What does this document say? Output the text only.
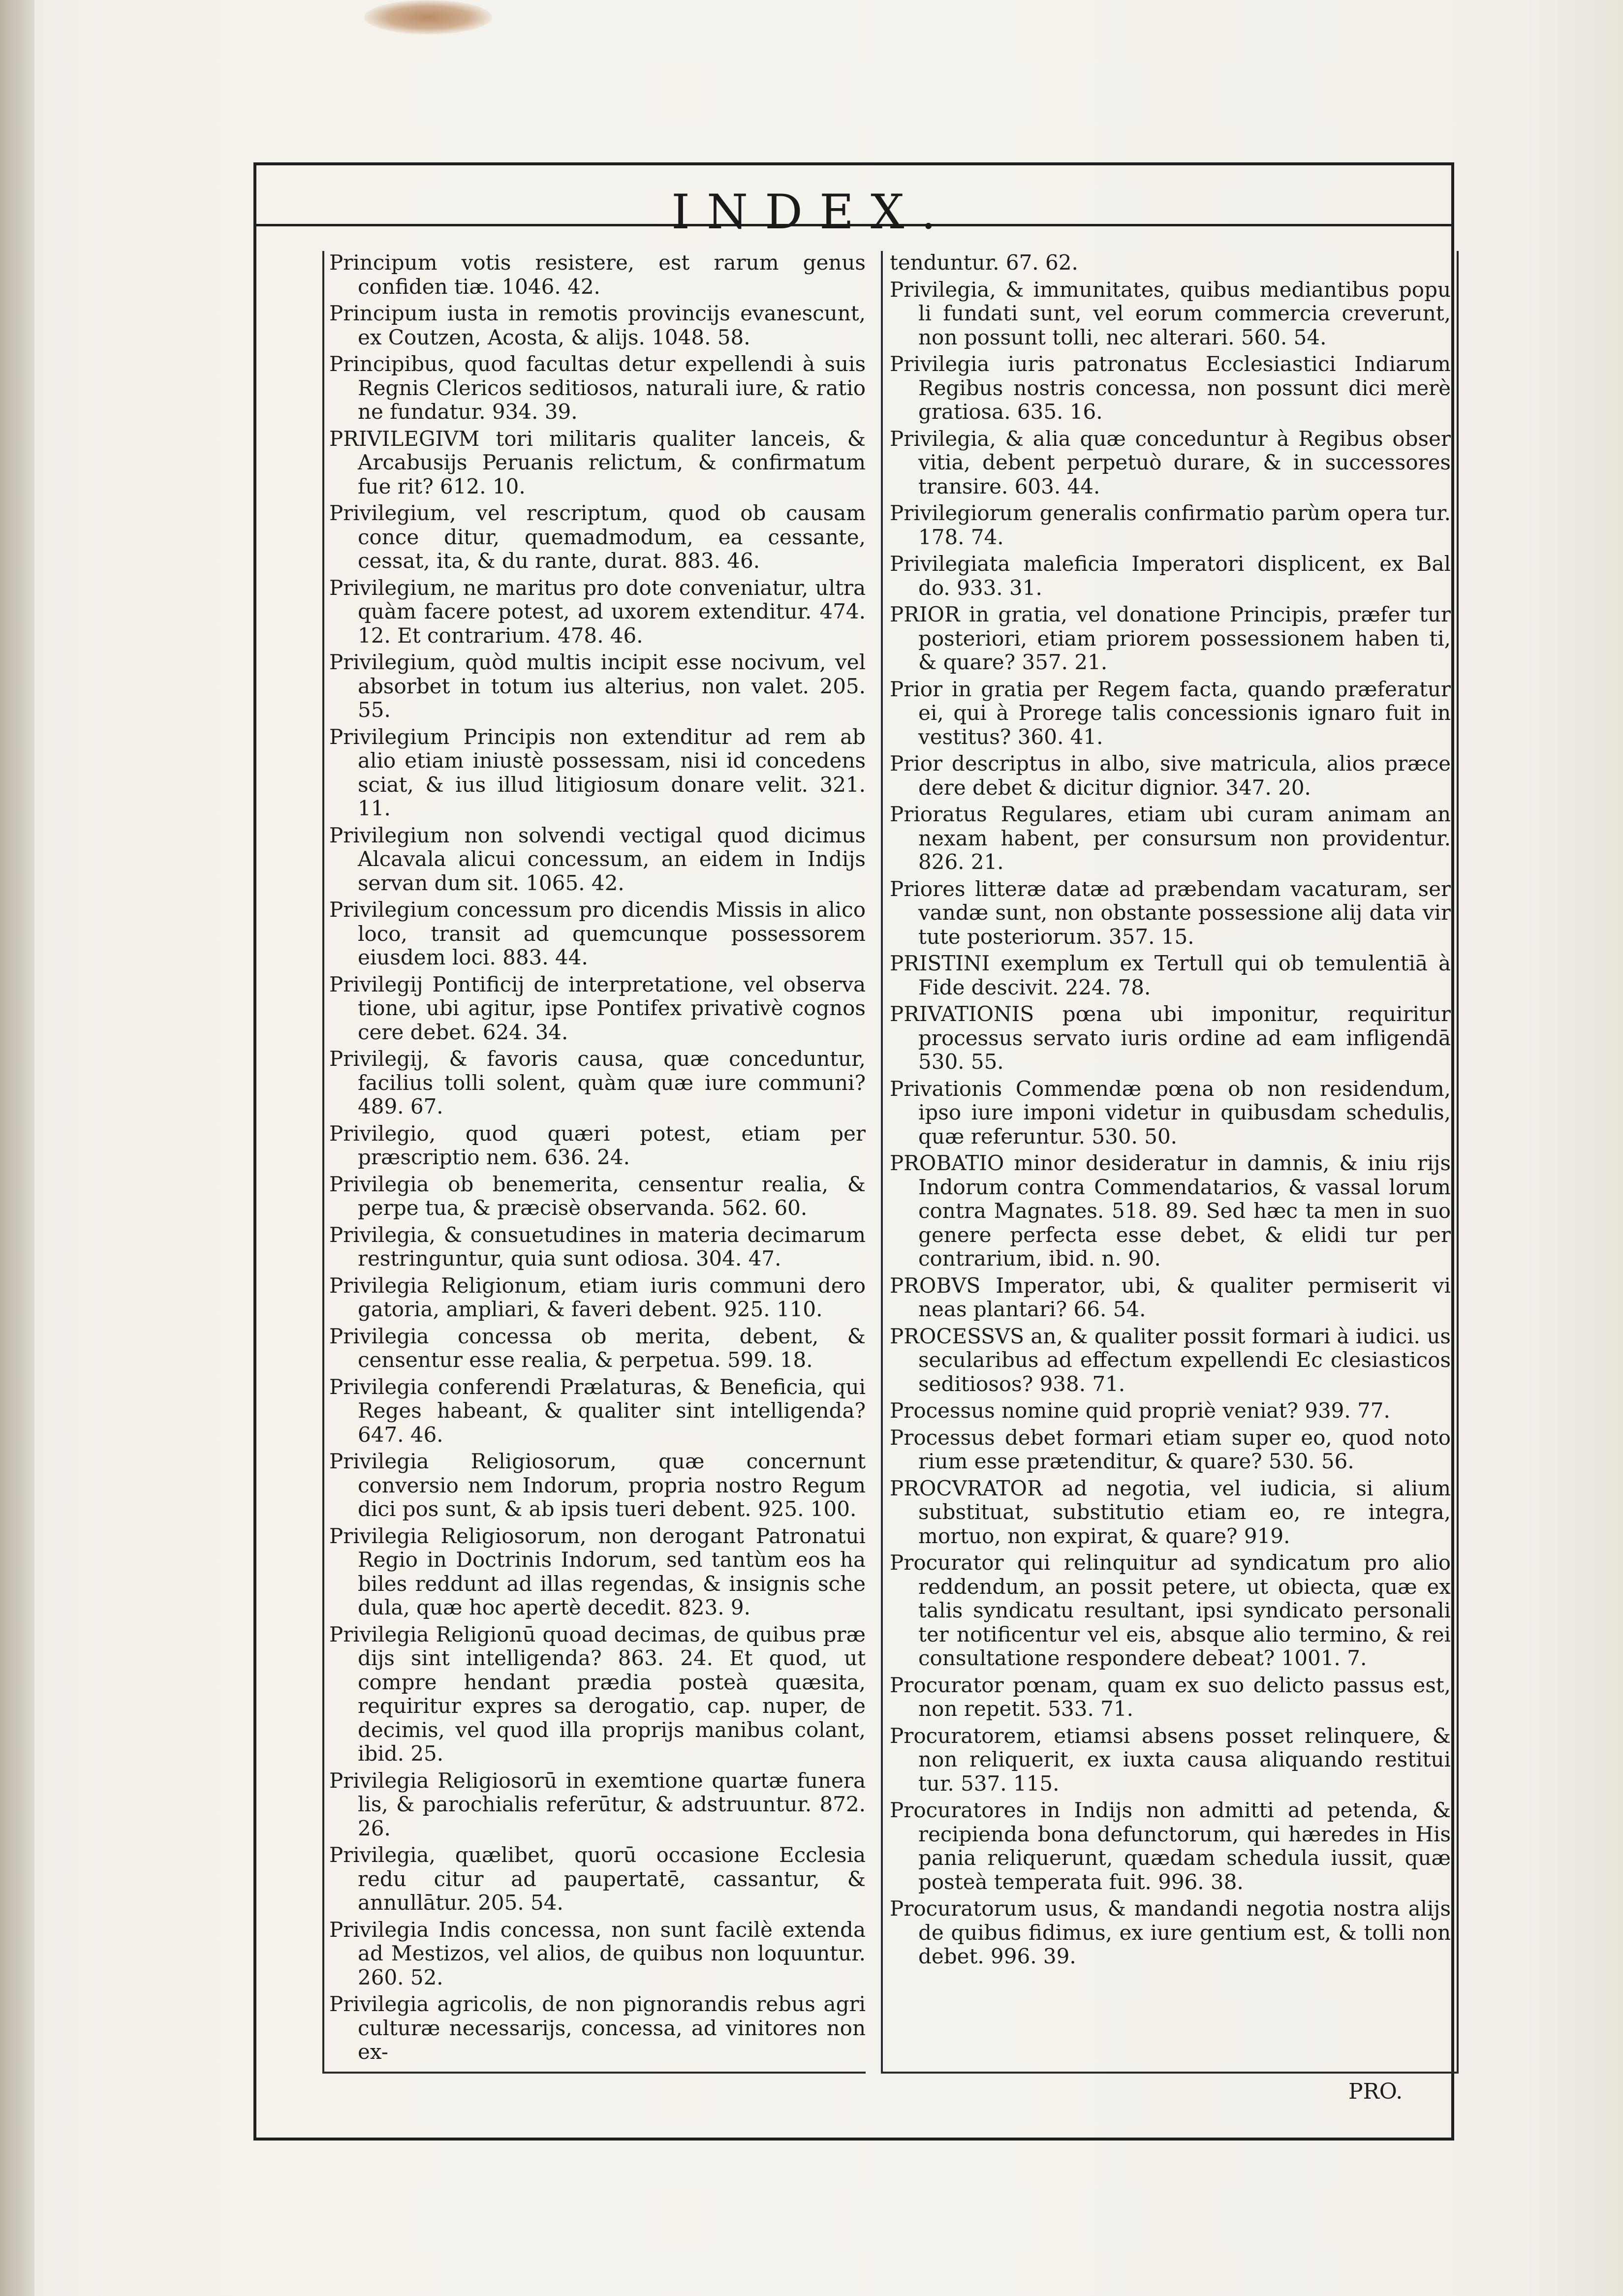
INDEX.

Principum votis resistere, est rarum genus confiden tiæ. 1046. 42.

Principum iusta in remotis provincijs evanescunt, ex Coutzen, Acosta, & alijs. 1048. 58.

Principibus, quod facultas detur expellendi à suis Regnis Clericos seditiosos, naturali iure, & ratio ne fundatur. 934. 39.

PRIVILEGIVM tori militaris qualiter lanceis, & Arcabusijs Peruanis relictum, & confirmatum fue rit? 612. 10.

Privilegium, vel rescriptum, quod ob causam conce ditur, quemadmodum, ea cessante, cessat, ita, & du rante, durat. 883. 46.

Privilegium, ne maritus pro dote conveniatur, ultra quàm facere potest, ad uxorem extenditur. 474. 12. Et contrarium. 478. 46.

Privilegium, quòd multis incipit esse nocivum, vel absorbet in totum ius alterius, non valet. 205. 55.

Privilegium Principis non extenditur ad rem ab alio etiam iniustè possessam, nisi id concedens sciat, & ius illud litigiosum donare velit. 321. 11.

Privilegium non solvendi vectigal quod dicimus Alcavala alicui concessum, an eidem in Indijs servan dum sit. 1065. 42.

Privilegium concessum pro dicendis Missis in alico loco, transit ad quemcunque possessorem eiusdem loci. 883. 44.

Privilegij Pontificij de interpretatione, vel observa tione, ubi agitur, ipse Pontifex privativè cognos cere debet. 624. 34.

Privilegij, & favoris causa, quæ conceduntur, facilius tolli solent, quàm quæ iure communi? 489. 67.

Privilegio, quod quæri potest, etiam per præscriptio nem. 636. 24.

Privilegia ob benemerita, censentur realia, & perpe tua, & præcisè observanda. 562. 60.

Privilegia, & consuetudines in materia decimarum restringuntur, quia sunt odiosa. 304. 47.

Privilegia Religionum, etiam iuris communi dero gatoria, ampliari, & faveri debent. 925. 110.

Privilegia concessa ob merita, debent, & censentur esse realia, & perpetua. 599. 18.

Privilegia conferendi Prælaturas, & Beneficia, qui Reges habeant, & qualiter sint intelligenda? 647. 46.

Privilegia Religiosorum, quæ concernunt conversio nem Indorum, propria nostro Regum dici pos sunt, & ab ipsis tueri debent. 925. 100.

Privilegia Religiosorum, non derogant Patronatui Regio in Doctrinis Indorum, sed tantùm eos ha biles reddunt ad illas regendas, & insignis sche dula, quæ hoc apertè decedit. 823. 9.

Privilegia Religionū quoad decimas, de quibus præ dijs sint intelligenda? 863. 24. Et quod, ut compre hendant prædia posteà quæsita, requiritur expres sa derogatio, cap. nuper, de decimis, vel quod illa proprijs manibus colant, ibid. 25.

Privilegia Religiosorū in exemtione quartæ funera lis, & parochialis referūtur, & adstruuntur. 872. 26.

Privilegia, quælibet, quorū occasione Ecclesia redu citur ad paupertatē, cassantur, & annullātur. 205. 54.

Privilegia Indis concessa, non sunt facilè extenda ad Mestizos, vel alios, de quibus non loquuntur. 260. 52.

Privilegia agricolis, de non pignorandis rebus agri culturæ necessarijs, concessa, ad vinitores non ex-

tenduntur. 67. 62.

Privilegia, & immunitates, quibus mediantibus popu li fundati sunt, vel eorum commercia creverunt, non possunt tolli, nec alterari. 560. 54.

Privilegia iuris patronatus Ecclesiastici Indiarum Regibus nostris concessa, non possunt dici merè gratiosa. 635. 16.

Privilegia, & alia quæ conceduntur à Regibus obser vitia, debent perpetuò durare, & in successores transire. 603. 44.

Privilegiorum generalis confirmatio parùm opera tur. 178. 74.

Privilegiata maleficia Imperatori displicent, ex Bal do. 933. 31.

PRIOR in gratia, vel donatione Principis, præfer tur posteriori, etiam priorem possessionem haben ti, & quare? 357. 21.

Prior in gratia per Regem facta, quando præferatur ei, qui à Prorege talis concessionis ignaro fuit in vestitus? 360. 41.

Prior descriptus in albo, sive matricula, alios præce dere debet & dicitur dignior. 347. 20.

Prioratus Regulares, etiam ubi curam animam an nexam habent, per consursum non providentur. 826. 21.

Priores litteræ datæ ad præbendam vacaturam, ser vandæ sunt, non obstante possessione alij data vir tute posteriorum. 357. 15.

PRISTINI exemplum ex Tertull qui ob temulentiā à Fide descivit. 224. 78.

PRIVATIONIS pœna ubi imponitur, requiritur processus servato iuris ordine ad eam infligendā 530. 55.

Privationis Commendæ pœna ob non residendum, ipso iure imponi videtur in quibusdam schedulis, quæ referuntur. 530. 50.

PROBATIO minor desideratur in damnis, & iniu rijs Indorum contra Commendatarios, & vassal lorum contra Magnates. 518. 89. Sed hæc ta men in suo genere perfecta esse debet, & elidi tur per contrarium, ibid. n. 90.

PROBVS Imperator, ubi, & qualiter permiserit vi neas plantari? 66. 54.

PROCESSVS an, & qualiter possit formari à iudici. us secularibus ad effectum expellendi Ec clesiasticos seditiosos? 938. 71.

Processus nomine quid propriè veniat? 939. 77.

Processus debet formari etiam super eo, quod noto rium esse prætenditur, & quare? 530. 56.

PROCVRATOR ad negotia, vel iudicia, si alium substituat, substitutio etiam eo, re integra, mortuo, non expirat, & quare? 919.

Procurator qui relinquitur ad syndicatum pro alio reddendum, an possit petere, ut obiecta, quæ ex talis syndicatu resultant, ipsi syndicato personali ter notificentur vel eis, absque alio termino, & rei consultatione respondere debeat? 1001. 7.

Procurator pœnam, quam ex suo delicto passus est, non repetit. 533. 71.

Procuratorem, etiamsi absens posset relinquere, & non reliquerit, ex iuxta causa aliquando restitui tur. 537. 115.

Procuratores in Indijs non admitti ad petenda, & recipienda bona defunctorum, qui hæredes in His pania reliquerunt, quædam schedula iussit, quæ posteà temperata fuit. 996. 38.

Procuratorum usus, & mandandi negotia nostra alijs de quibus fidimus, ex iure gentium est, & tolli non debet. 996. 39.

PRO.
